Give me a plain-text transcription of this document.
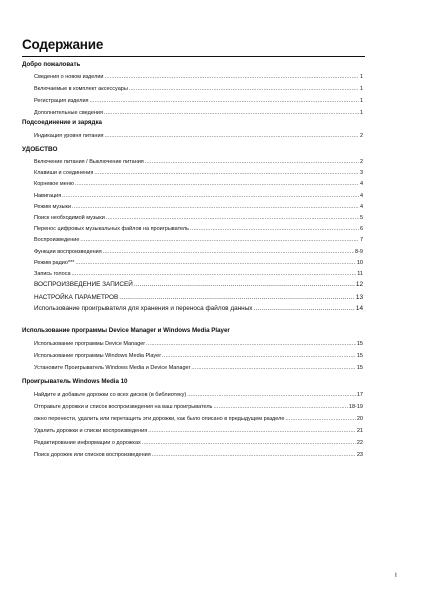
Содержание
Добро пожаловать
Сведения о новом изделии .....	1
Включаемые в комплект аксессуары .....	1
Регистрация изделия .....	1
Дополнительные сведения .....	1
Подсоединение и зарядка
Индикация уровня питания .....	2
УДОБСТВО
Включение питания / Выключение питания .....	2
Клавиши и соединения .....	3
Корневое меню .....	4
Навигация .....	4
Режим музыки .....	4
Поиск необходимой музыки .....	5
Перенос цифровых музыкальных файлов на проигрыватель .....	6
Воспроизведение .....	7
Функции воспроизведения .....	8-9
Режим радио*** .....	10
Запись голоса .....	11
ВОСПРОИЗВЕДЕНИЕ ЗАПИСЕЙ .....	12
НАСТРОЙКА ПАРАМЕТРОВ .....	13
Использование проигрывателя для хранения и переноса файлов данных .....	14
Использование программы Device Manager и Windows Media Player
Использование программы Device Manager .....	15
Использование программы Windows Media Player .....	15
Установите Проигрыватель Windows Media и Device Manager .....	15
Проигрыватель Windows Media 10
Найдите и добавьте дорожки со всех дисков (в библиотеку) .....	17
Отправьте дорожки и список воспроизведения на ваш проигрыватель .....	18-19
ожно перенести, удалить или перетащить эти дорожки, как было описано в предыдущем разделе .....	20
Удалить дорожки и списки воспроизведения .....	21
Редактирование информации о дорожках .....	22
Поиск дорожек или списков воспроизведения .....	23
I
